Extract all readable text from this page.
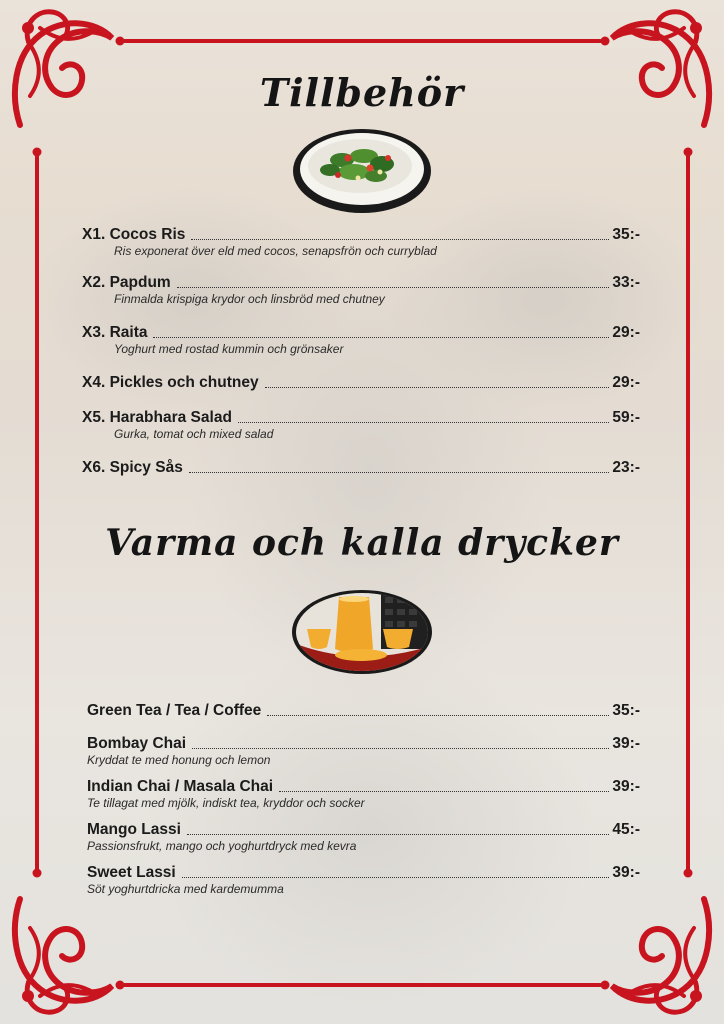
Tillbehör
X1. Cocos Ris	35:-
Ris exponerat över eld med cocos, senapsfrön och curryblad
X2. Papdum	33:-
Finmalda krispiga krydor och linsbröd med chutney
X3. Raita	29:-
Yoghurt med rostad kummin och grönsaker
X4. Pickles och chutney	29:-
X5. Harabhara Salad	59:-
Gurka, tomat och mixed salad
X6. Spicy Sås	23:-
Varma och kalla drycker
Green Tea / Tea / Coffee	35:-
Bombay Chai	39:-
Kryddat te med honung och lemon
Indian Chai / Masala Chai	39:-
Te tillagat med mjölk, indiskt tea, kryddor och socker
Mango Lassi	45:-
Passionsfrukt, mango och yoghurtdryck med kevra
Sweet Lassi	39:-
Söt yoghurtdricka med kardemumma
